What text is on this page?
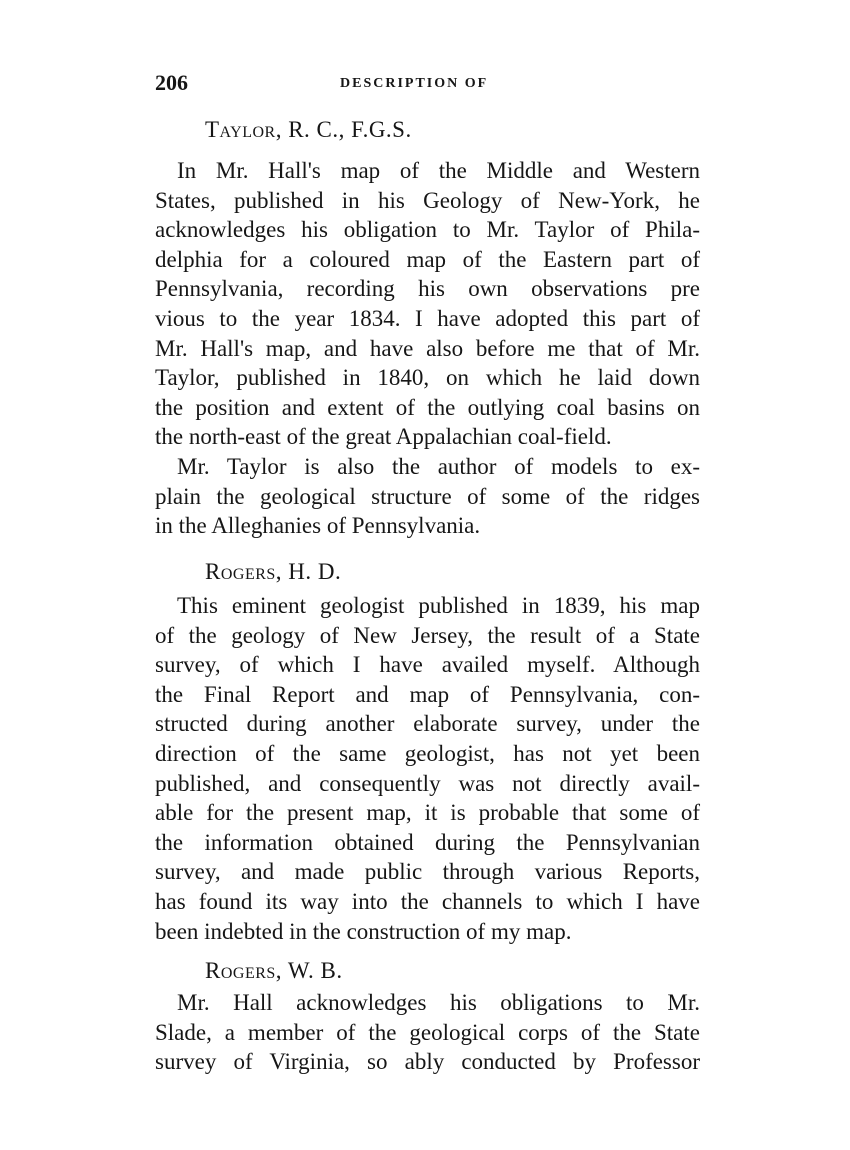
206	DESCRIPTION OF
Taylor, R. C., F.G.S.
In Mr. Hall's map of the Middle and Western
States, published in his Geology of New-York, he
acknowledges his obligation to Mr. Taylor of Phila-
delphia for a coloured map of the Eastern part of
Pennsylvania, recording his own observations pre
vious to the year 1834. I have adopted this part of
Mr. Hall's map, and have also before me that of Mr.
Taylor, published in 1840, on which he laid down
the position and extent of the outlying coal basins on
the north-east of the great Appalachian coal-field.
Mr. Taylor is also the author of models to ex-
plain the geological structure of some of the ridges
in the Alleghanies of Pennsylvania.
Rogers, H. D.
This eminent geologist published in 1839, his map
of the geology of New Jersey, the result of a State
survey, of which I have availed myself. Although
the Final Report and map of Pennsylvania, con-
structed during another elaborate survey, under the
direction of the same geologist, has not yet been
published, and consequently was not directly avail-
able for the present map, it is probable that some of
the information obtained during the Pennsylvanian
survey, and made public through various Reports,
has found its way into the channels to which I have
been indebted in the construction of my map.
Rogers, W. B.
Mr. Hall acknowledges his obligations to Mr.
Slade, a member of the geological corps of the State
survey of Virginia, so ably conducted by Professor
